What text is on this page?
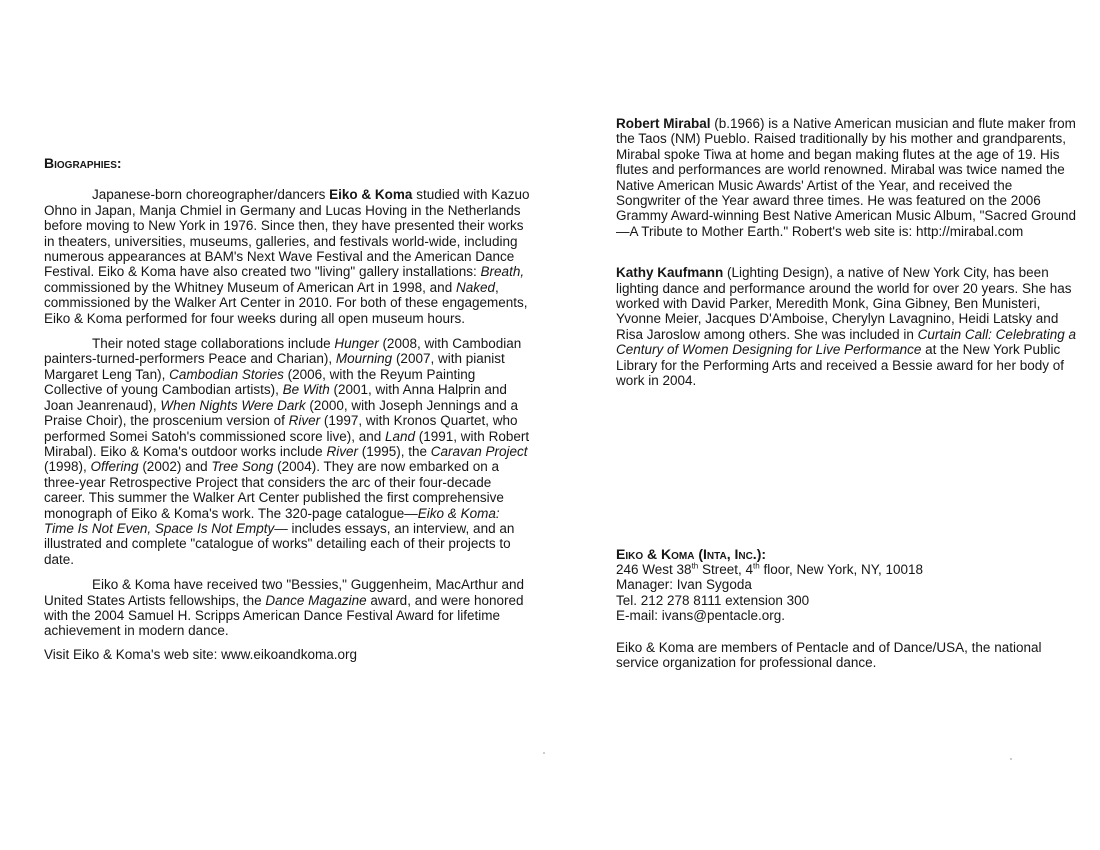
Biographies:

Japanese-born choreographer/dancers Eiko & Koma studied with Kazuo Ohno in Japan, Manja Chmiel in Germany and Lucas Hoving in the Netherlands before moving to New York in 1976. Since then, they have presented their works in theaters, universities, museums, galleries, and festivals world-wide, including numerous appearances at BAM's Next Wave Festival and the American Dance Festival. Eiko & Koma have also created two "living" gallery installations: Breath, commissioned by the Whitney Museum of American Art in 1998, and Naked, commissioned by the Walker Art Center in 2010. For both of these engagements, Eiko & Koma performed for four weeks during all open museum hours.

Their noted stage collaborations include Hunger (2008, with Cambodian painters-turned-performers Peace and Charian), Mourning (2007, with pianist Margaret Leng Tan), Cambodian Stories (2006, with the Reyum Painting Collective of young Cambodian artists), Be With (2001, with Anna Halprin and Joan Jeanrenaud), When Nights Were Dark (2000, with Joseph Jennings and a Praise Choir), the proscenium version of River (1997, with Kronos Quartet, who performed Somei Satoh's commissioned score live), and Land (1991, with Robert Mirabal). Eiko & Koma's outdoor works include River (1995), the Caravan Project (1998), Offering (2002) and Tree Song (2004). They are now embarked on a three-year Retrospective Project that considers the arc of their four-decade career. This summer the Walker Art Center published the first comprehensive monograph of Eiko & Koma's work. The 320-page catalogue—Eiko & Koma: Time Is Not Even, Space Is Not Empty— includes essays, an interview, and an illustrated and complete "catalogue of works" detailing each of their projects to date.

Eiko & Koma have received two "Bessies," Guggenheim, MacArthur and United States Artists fellowships, the Dance Magazine award, and were honored with the 2004 Samuel H. Scripps American Dance Festival Award for lifetime achievement in modern dance.

Visit Eiko & Koma's web site: www.eikoandkoma.org

Robert Mirabal (b.1966) is a Native American musician and flute maker from the Taos (NM) Pueblo. Raised traditionally by his mother and grandparents, Mirabal spoke Tiwa at home and began making flutes at the age of 19. His flutes and performances are world renowned. Mirabal was twice named the Native American Music Awards' Artist of the Year, and received the Songwriter of the Year award three times. He was featured on the 2006 Grammy Award-winning Best Native American Music Album, "Sacred Ground—A Tribute to Mother Earth." Robert's web site is: http://mirabal.com

Kathy Kaufmann (Lighting Design), a native of New York City, has been lighting dance and performance around the world for over 20 years. She has worked with David Parker, Meredith Monk, Gina Gibney, Ben Munisteri, Yvonne Meier, Jacques D'Amboise, Cherylyn Lavagnino, Heidi Latsky and Risa Jaroslow among others. She was included in Curtain Call: Celebrating a Century of Women Designing for Live Performance at the New York Public Library for the Performing Arts and received a Bessie award for her body of work in 2004.

Eiko & Koma (Inta, Inc.):
246 West 38th Street, 4th floor, New York, NY, 10018
Manager: Ivan Sygoda
Tel. 212 278 8111 extension 300
E-mail: ivans@pentacle.org.

Eiko & Koma are members of Pentacle and of Dance/USA, the national service organization for professional dance.
